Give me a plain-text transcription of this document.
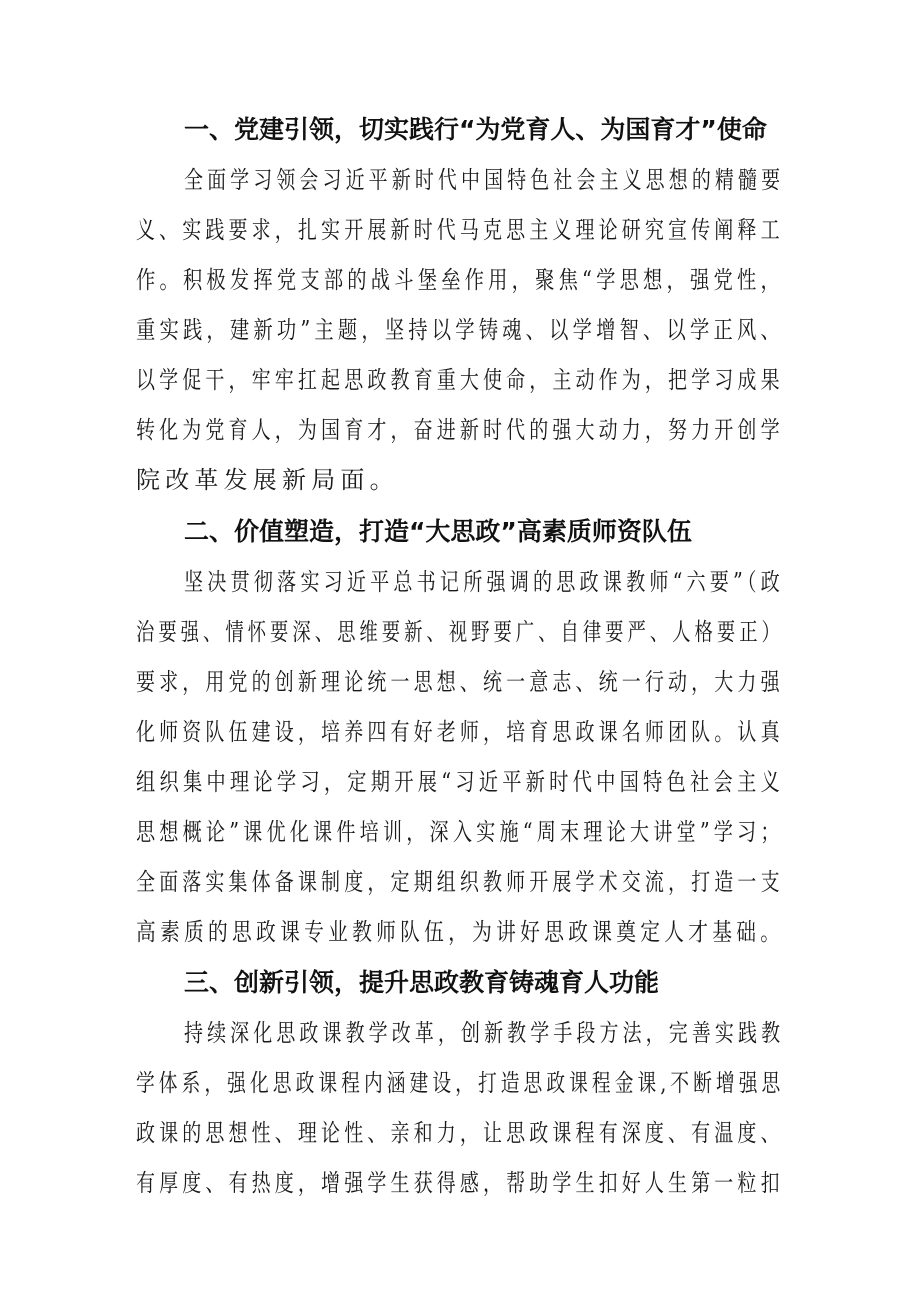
一、党建引领，切实践行“为党育人、为国育才”使命
全面学习领会习近平新时代中国特色社会主义思想的精髓要
义、实践要求，扎实开展新时代马克思主义理论研究宣传阐释工
作。积极发挥党支部的战斗堡垒作用，聚焦“学思想，强党性，
重实践，建新功”主题，坚持以学铸魂、以学增智、以学正风、
以学促干，牢牢扛起思政教育重大使命，主动作为，把学习成果
转化为党育人，为国育才，奋进新时代的强大动力，努力开创学
院改革发展新局面。
二、价值塑造，打造“大思政”高素质师资队伍
坚决贯彻落实习近平总书记所强调的思政课教师“六要”（政
治要强、情怀要深、思维要新、视野要广、自律要严、人格要正）
要求，用党的创新理论统一思想、统一意志、统一行动，大力强
化师资队伍建设，培养四有好老师，培育思政课名师团队。认真
组织集中理论学习，定期开展“习近平新时代中国特色社会主义
思想概论”课优化课件培训，深入实施“周末理论大讲堂”学习；
全面落实集体备课制度，定期组织教师开展学术交流，打造一支
高素质的思政课专业教师队伍，为讲好思政课奠定人才基础。
三、创新引领，提升思政教育铸魂育人功能
持续深化思政课教学改革，创新教学手段方法，完善实践教
学体系，强化思政课程内涵建设，打造思政课程金课,不断增强思
政课的思想性、理论性、亲和力，让思政课程有深度、有温度、
有厚度、有热度，增强学生获得感，帮助学生扣好人生第一粒扣
